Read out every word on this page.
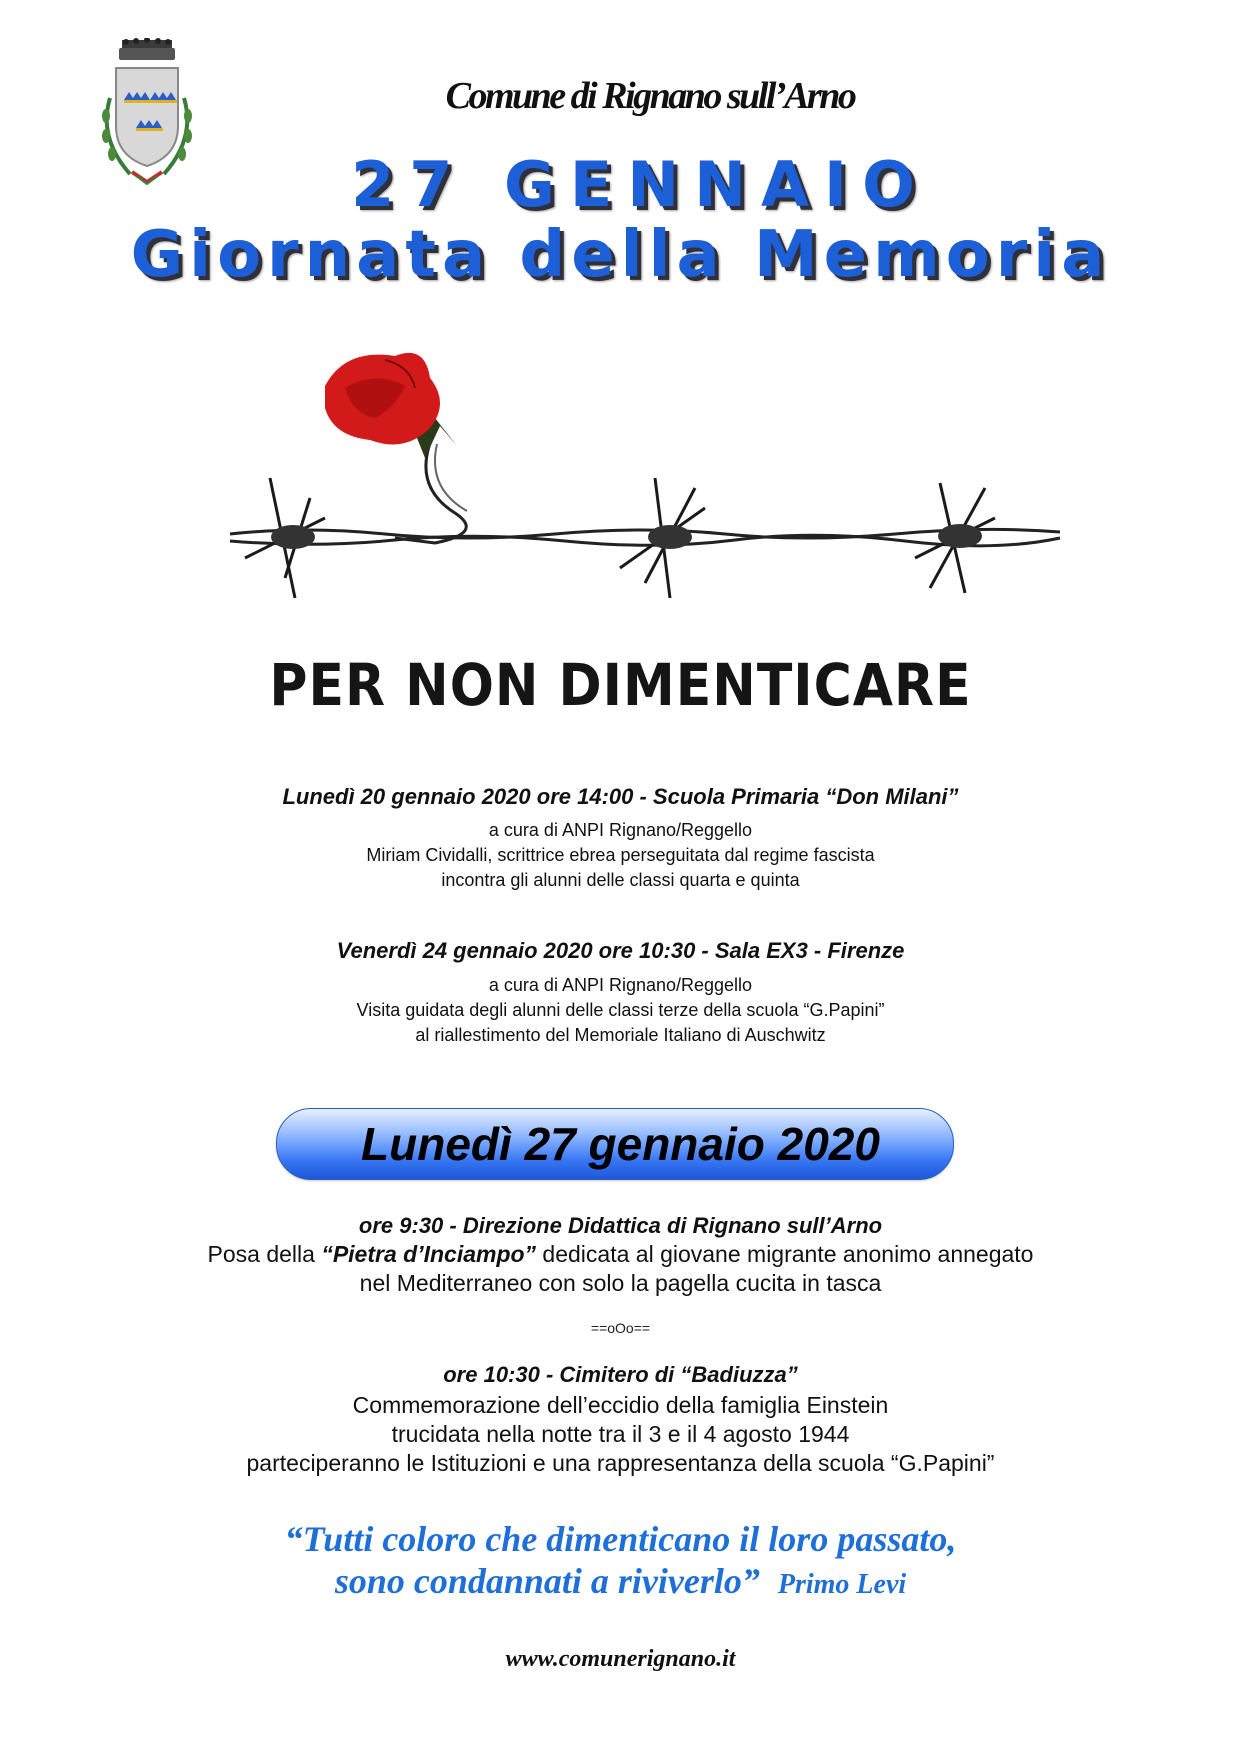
Comune di Rignano sull’Arno
27 GENNAIO
Giornata della Memoria
PER NON DIMENTICARE
Lunedì 20 gennaio 2020 ore 14:00 - Scuola Primaria “Don Milani”
a cura di ANPI Rignano/Reggello
Miriam Cividalli, scrittrice ebrea perseguitata dal regime fascista
incontra gli alunni delle classi quarta e quinta
Venerdì 24 gennaio 2020 ore 10:30 - Sala EX3 - Firenze
a cura di ANPI Rignano/Reggello
Visita guidata degli alunni delle classi terze della scuola “G.Papini”
al riallestimento del Memoriale Italiano di Auschwitz
Lunedì 27 gennaio 2020
ore 9:30 - Direzione Didattica di Rignano sull’Arno
Posa della “Pietra d’Inciampo” dedicata al giovane migrante anonimo annegato
nel Mediterraneo con solo la pagella cucita in tasca
==oOo==
ore 10:30 - Cimitero di “Badiuzza”
Commemorazione dell’eccidio della famiglia Einstein
trucidata nella notte tra il 3 e il 4 agosto 1944
parteciperanno le Istituzioni e una rappresentanza della scuola “G.Papini”
“Tutti coloro che dimenticano il loro passato,
sono condannati a riviverlo” Primo Levi
www.comunerignano.it
